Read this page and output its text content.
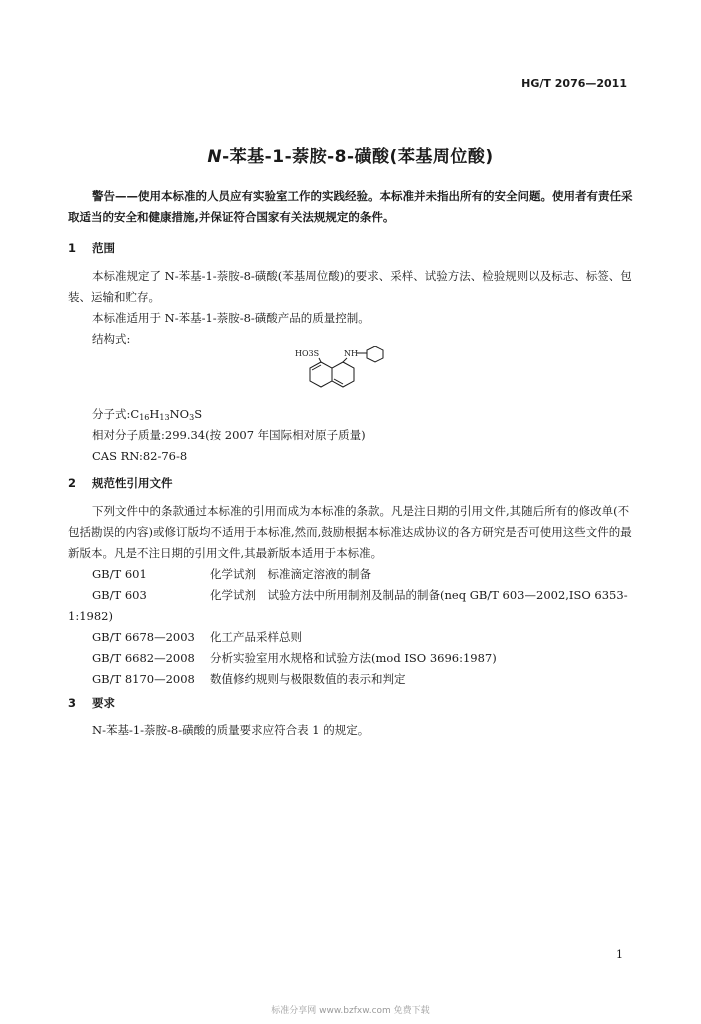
HG/T 2076—2011
N-苯基-1-萘胺-8-磺酸(苯基周位酸)
警告——使用本标准的人员应有实验室工作的实践经验。本标准并未指出所有的安全问题。使用者有责任采取适当的安全和健康措施,并保证符合国家有关法规规定的条件。
1 范围
本标准规定了 N-苯基-1-萘胺-8-磺酸(苯基周位酸)的要求、采样、试验方法、检验规则以及标志、标签、包装、运输和贮存。
本标准适用于 N-苯基-1-萘胺-8-磺酸产品的质量控制。
结构式:
HO3S	NH
分子式$:C_{16}H_{13}NO_3S$
相对分子质量:299.34(按 2007 年国际相对原子质量)
CAS RN:82-76-8
2 规范性引用文件
下列文件中的条款通过本标准的引用而成为本标准的条款。凡是注日期的引用文件,其随后所有的修改单(不包括勘误的内容)或修订版均不适用于本标准,然而,鼓励根据本标准达成协议的各方研究是否可使用这些文件的最新版本。凡是不注日期的引用文件,其最新版本适用于本标准。
GB/T 601	化学试剂　标准滴定溶液的制备
GB/T 603	化学试剂　试验方法中所用制剂及制品的制备(neq GB/T 603—2002,ISO 6353-1:1982)
GB/T 6678—2003 化工产品采样总则
GB/T 6682—2008 分析实验室用水规格和试验方法(mod ISO 3696:1987)
GB/T 8170—2008 数值修约规则与极限数值的表示和判定
3 要求
N-苯基-1-萘胺-8-磺酸的质量要求应符合表 1 的规定。
1
标准分享网 www.bzfxw.com 免费下载
